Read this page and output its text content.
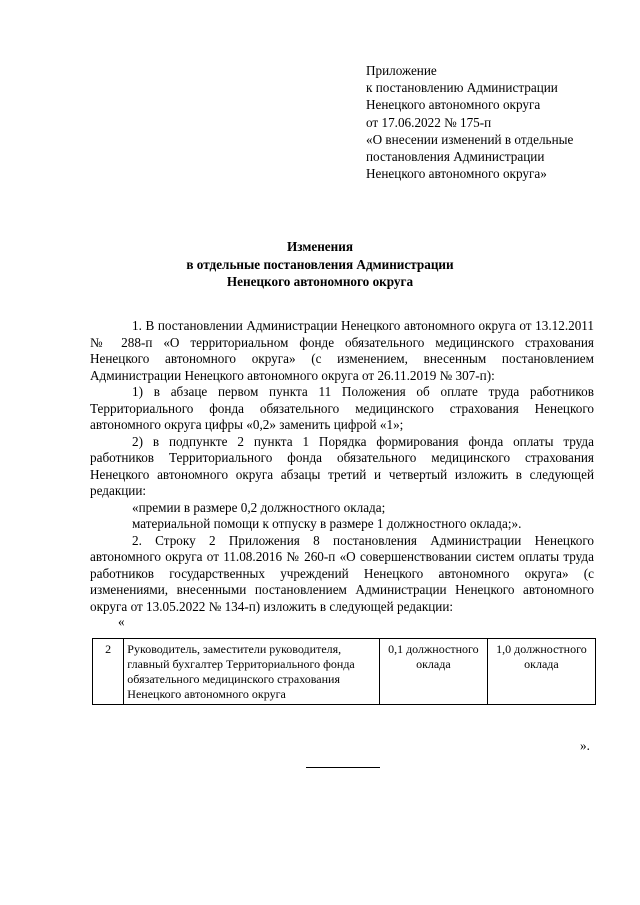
Приложение
к постановлению Администрации
Ненецкого автономного округа
от 17.06.2022 № 175-п
«О внесении изменений в отдельные
постановления Администрации
Ненецкого автономного округа»
Изменения
в отдельные постановления Администрации
Ненецкого автономного округа

1. В постановлении Администрации Ненецкого автономного округа от 13.12.2011 № 288-п «О территориальном фонде обязательного медицинского страхования Ненецкого автономного округа» (с изменением, внесенным постановлением Администрации Ненецкого автономного округа от 26.11.2019 № 307-п):

1) в абзаце первом пункта 11 Положения об оплате труда работников Территориального фонда обязательного медицинского страхования Ненецкого автономного округа цифры «0,2» заменить цифрой «1»;

2) в подпункте 2 пункта 1 Порядка формирования фонда оплаты труда работников Территориального фонда обязательного медицинского страхования Ненецкого автономного округа абзацы третий и четвертый изложить в следующей редакции:

«премии в размере 0,2 должностного оклада;

материальной помощи к отпуску в размере 1 должностного оклада;».

2. Строку 2 Приложения 8 постановления Администрации Ненецкого автономного округа от 11.08.2016 № 260-п «О совершенствовании систем оплаты труда работников государственных учреждений Ненецкого автономного округа» (с изменениями, внесенными постановлением Администрации Ненецкого автономного округа от 13.05.2022 № 134-п) изложить в следующей редакции:

«
2	Руководитель, заместители руководителя, главный бухгалтер Территориального фонда обязательного медицинского страхования Ненецкого автономного округа	0,1 должностного оклада	1,0 должностного оклада
».
